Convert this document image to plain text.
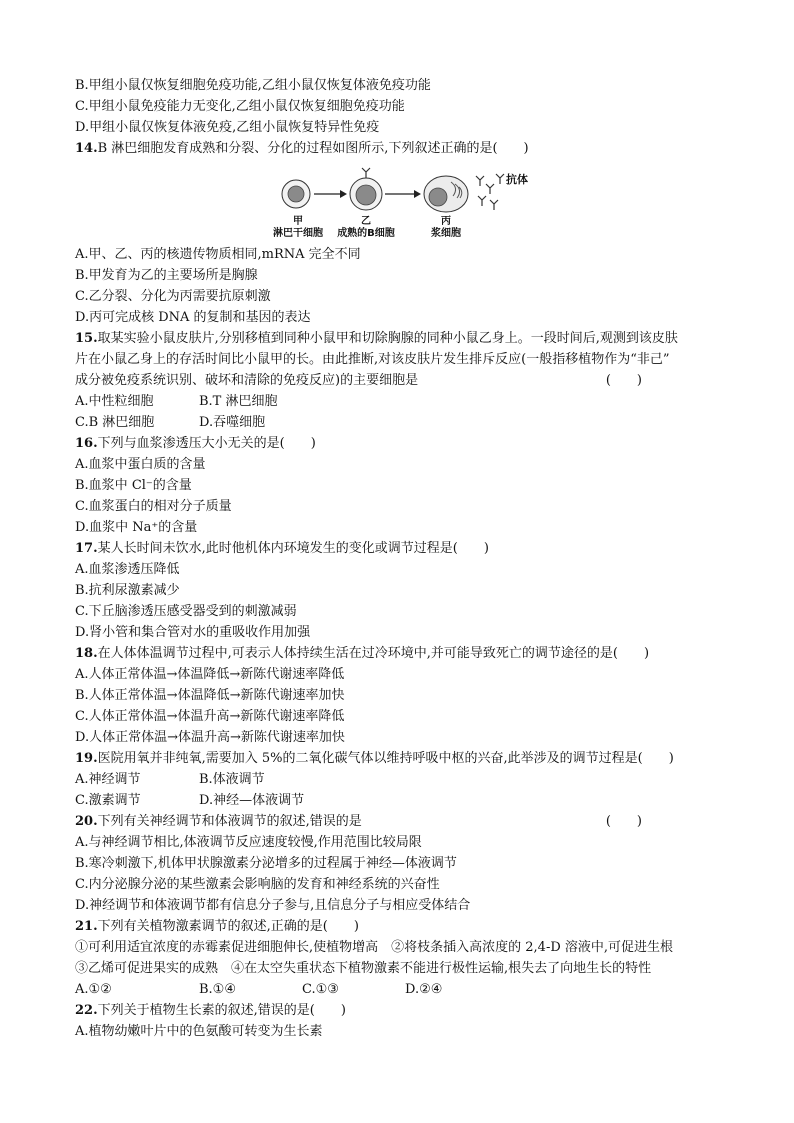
B.甲组小鼠仅恢复细胞免疫功能,乙组小鼠仅恢复体液免疫功能
C.甲组小鼠免疫能力无变化,乙组小鼠仅恢复细胞免疫功能
D.甲组小鼠仅恢复体液免疫,乙组小鼠恢复特异性免疫
14.B 淋巴细胞发育成熟和分裂、分化的过程如图所示,下列叙述正确的是(　　)
抗体
甲
淋巴干细胞
乙
成熟的B细胞
丙
浆细胞
A.甲、乙、丙的核遗传物质相同,mRNA 完全不同
B.甲发育为乙的主要场所是胸腺
C.乙分裂、分化为丙需要抗原刺激
D.丙可完成核 DNA 的复制和基因的表达
15.取某实验小鼠皮肤片,分别移植到同种小鼠甲和切除胸腺的同种小鼠乙身上。一段时间后,观测到该皮肤
片在小鼠乙身上的存活时间比小鼠甲的长。由此推断,对该皮肤片发生排斥反应(一般指移植物作为“非己”
成分被免疫系统识别、破坏和清除的免疫反应)的主要细胞是	(　　)
A.中性粒细胞	B.T 淋巴细胞
C.B 淋巴细胞	D.吞噬细胞
16.下列与血浆渗透压大小无关的是(　　)
A.血浆中蛋白质的含量
B.血浆中 Cl⁻的含量
C.血浆蛋白的相对分子质量
D.血浆中 Na⁺的含量
17.某人长时间未饮水,此时他机体内环境发生的变化或调节过程是(　　)
A.血浆渗透压降低
B.抗利尿激素减少
C.下丘脑渗透压感受器受到的刺激减弱
D.肾小管和集合管对水的重吸收作用加强
18.在人体体温调节过程中,可表示人体持续生活在过冷环境中,并可能导致死亡的调节途径的是(　　)
A.人体正常体温→体温降低→新陈代谢速率降低
B.人体正常体温→体温降低→新陈代谢速率加快
C.人体正常体温→体温升高→新陈代谢速率降低
D.人体正常体温→体温升高→新陈代谢速率加快
19.医院用氧并非纯氧,需要加入 5%的二氧化碳气体以维持呼吸中枢的兴奋,此举涉及的调节过程是(　　)
A.神经调节	B.体液调节
C.激素调节	D.神经—体液调节
20.下列有关神经调节和体液调节的叙述,错误的是	(　　)
A.与神经调节相比,体液调节反应速度较慢,作用范围比较局限
B.寒冷刺激下,机体甲状腺激素分泌增多的过程属于神经—体液调节
C.内分泌腺分泌的某些激素会影响脑的发育和神经系统的兴奋性
D.神经调节和体液调节都有信息分子参与,且信息分子与相应受体结合
21.下列有关植物激素调节的叙述,正确的是(　　)
①可利用适宜浓度的赤霉素促进细胞伸长,使植物增高　②将枝条插入高浓度的 2,4-D 溶液中,可促进生根
③乙烯可促进果实的成熟　④在太空失重状态下植物激素不能进行极性运输,根失去了向地生长的特性
A.①②	B.①④	C.①③	D.②④
22.下列关于植物生长素的叙述,错误的是(　　)
A.植物幼嫩叶片中的色氨酸可转变为生长素
